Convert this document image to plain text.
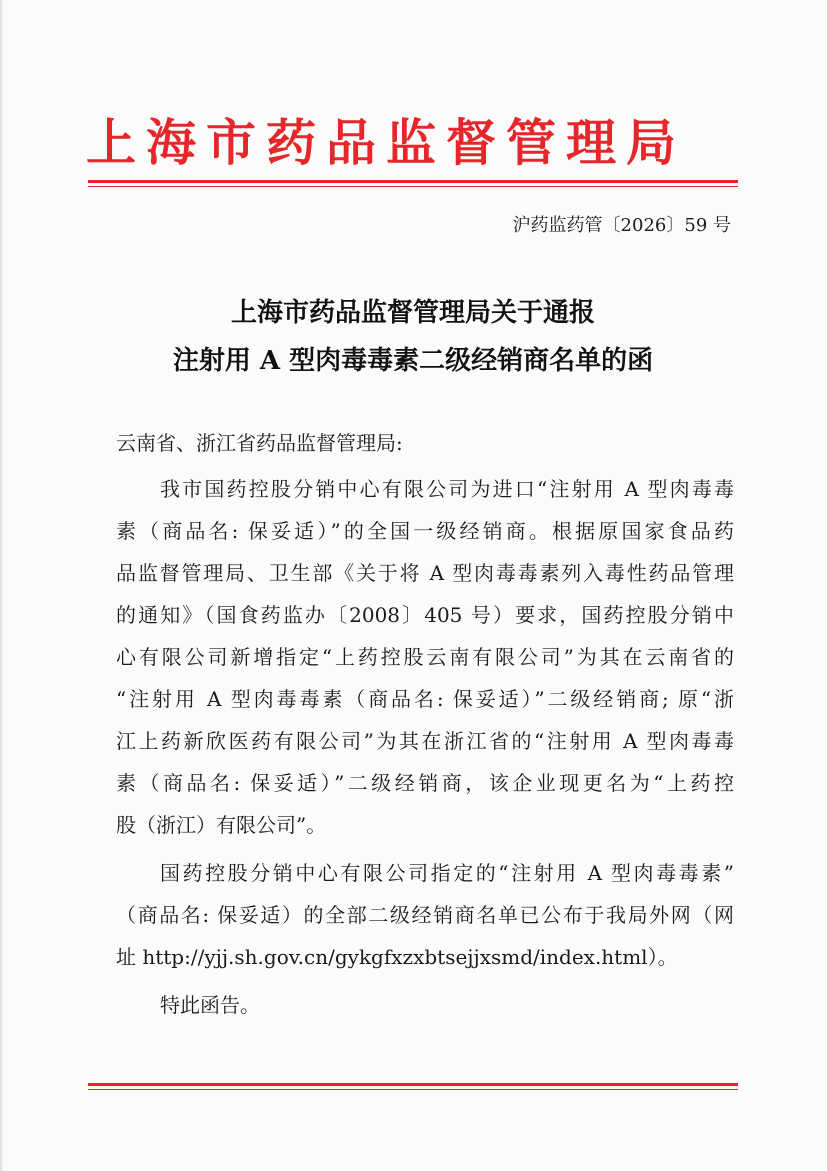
上海市药品监督管理局
沪药监药管〔2026〕59 号
上海市药品监督管理局关于通报
注射用 A 型肉毒毒素二级经销商名单的函
云南省、浙江省药品监督管理局:
我市国药控股分销中心有限公司为进口“注射用 A 型肉毒毒
素（商品名: 保妥适）”的全国一级经销商。根据原国家食品药
品监督管理局、卫生部《关于将 A 型肉毒毒素列入毒性药品管理
的通知》（国食药监办〔2008〕405 号）要求，国药控股分销中
心有限公司新增指定“上药控股云南有限公司”为其在云南省的
“注射用 A 型肉毒毒素（商品名: 保妥适）”二级经销商; 原“浙
江上药新欣医药有限公司”为其在浙江省的“注射用 A 型肉毒毒
素（商品名: 保妥适）”二级经销商，该企业现更名为“上药控
股（浙江）有限公司”。
国药控股分销中心有限公司指定的“注射用 A 型肉毒毒素”
（商品名: 保妥适）的全部二级经销商名单已公布于我局外网（网
址 http://yjj.sh.gov.cn/gykgfxzxbtsejjxsmd/index.html）。
特此函告。
